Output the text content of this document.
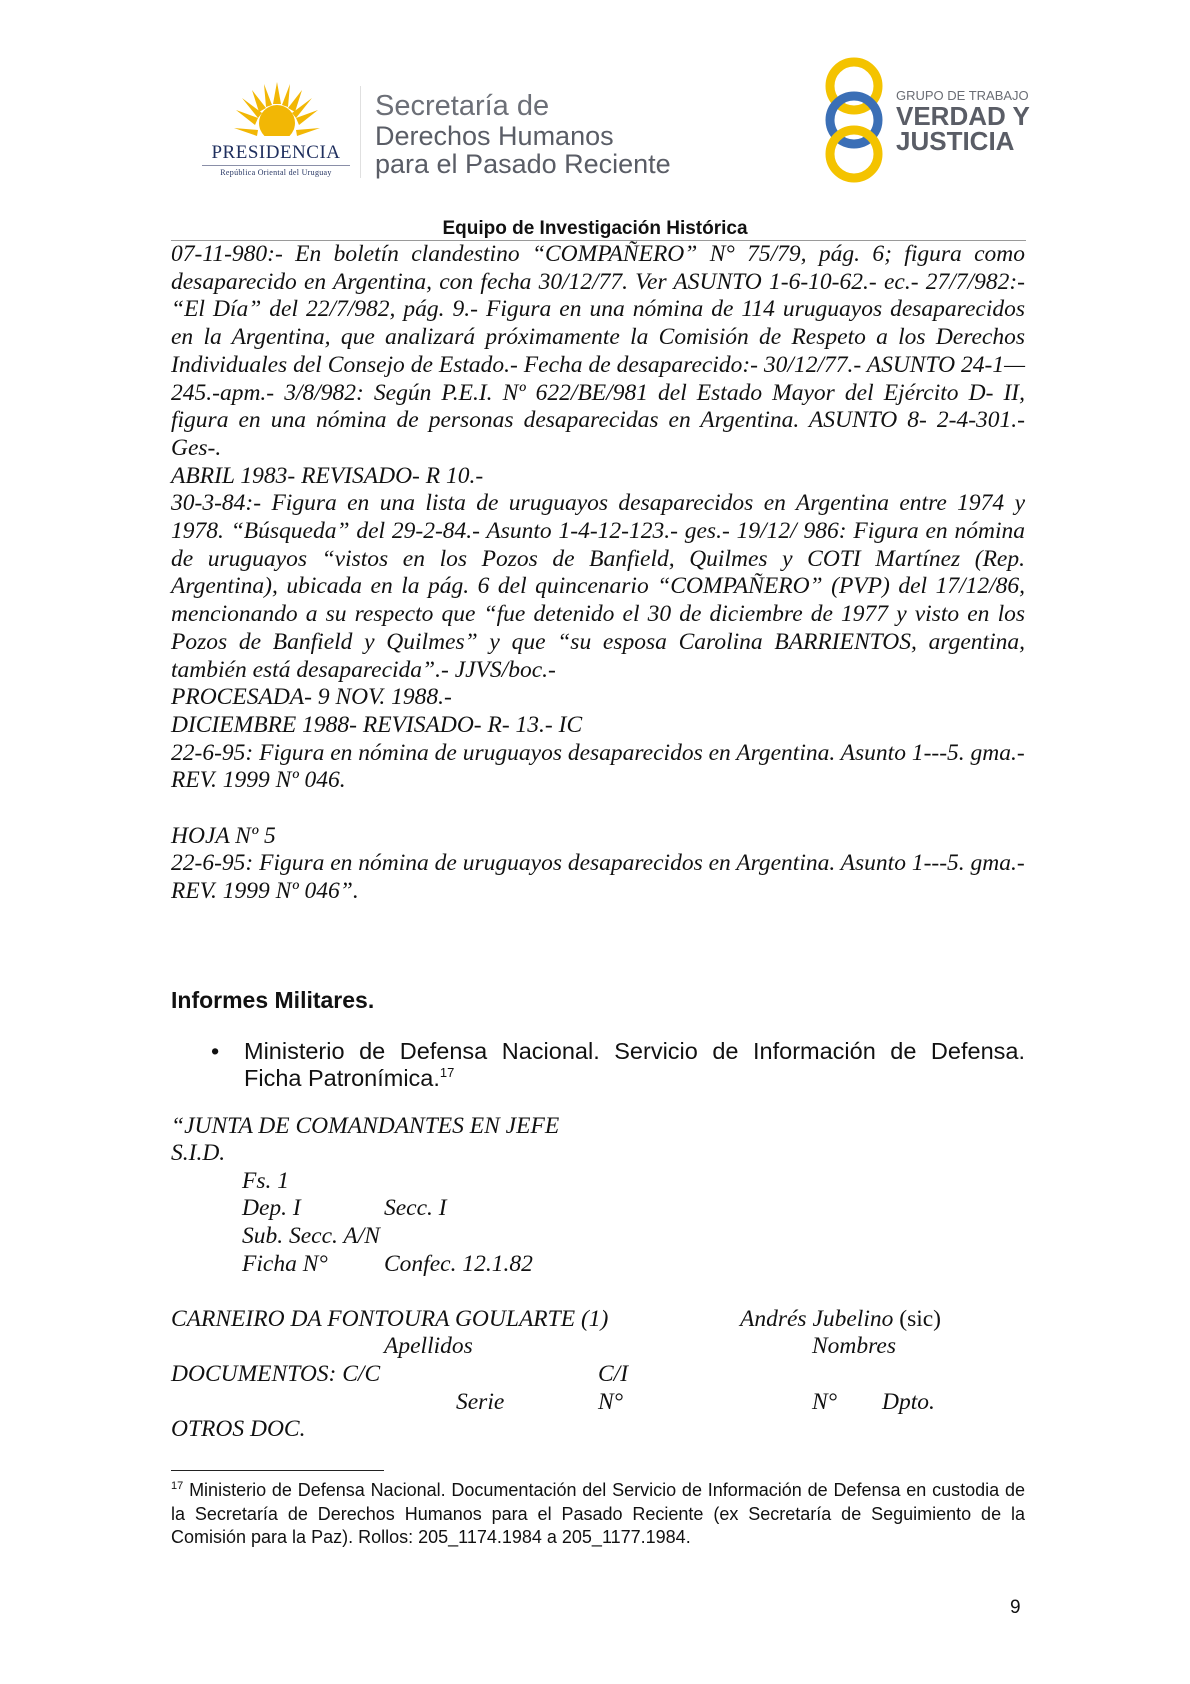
PRESIDENCIA
República Oriental del Uruguay
Secretaría de
Derechos Humanos
para el Pasado Reciente
GRUPO DE TRABAJO
VERDAD Y
JUSTICIA
Equipo de Investigación Histórica

07-11-980:- En boletín clandestino “COMPAÑERO” N° 75/79, pág. 6; figura como desaparecido en Argentina, con fecha 30/12/77. Ver ASUNTO 1-6-10-62.- ec.- 27/7/982:- “El Día” del 22/7/982, pág. 9.- Figura en una nómina de 114 uruguayos desaparecidos en la Argentina, que analizará próximamente la Comisión de Respeto a los Derechos Individuales del Consejo de Estado.- Fecha de desaparecido:- 30/12/77.- ASUNTO 24-1—245.-apm.- 3/8/982: Según P.E.I. Nº 622/BE/981 del Estado Mayor del Ejército D- II, figura en una nómina de personas desaparecidas en Argentina. ASUNTO 8- 2-4-301.-Ges-.

ABRIL 1983- REVISADO- R 10.-

30-3-84:- Figura en una lista de uruguayos desaparecidos en Argentina entre 1974 y 1978. “Búsqueda” del 29-2-84.- Asunto 1-4-12-123.- ges.- 19/12/ 986: Figura en nómina de uruguayos “vistos en los Pozos de Banfield, Quilmes y COTI Martínez (Rep. Argentina), ubicada en la pág. 6 del quincenario “COMPAÑERO” (PVP) del 17/12/86, mencionando a su respecto que “fue detenido el 30 de diciembre de 1977 y visto en los Pozos de Banfield y Quilmes” y que “su esposa Carolina BARRIENTOS, argentina, también está desaparecida”.- JJVS/boc.-

PROCESADA- 9 NOV. 1988.-

DICIEMBRE 1988- REVISADO- R- 13.- IC

22-6-95: Figura en nómina de uruguayos desaparecidos en Argentina. Asunto 1---5. gma.-

REV. 1999 Nº 046.

HOJA Nº 5

22-6-95: Figura en nómina de uruguayos desaparecidos en Argentina. Asunto 1---5. gma.-

REV. 1999 Nº 046”.

Informes Militares.
• Ministerio de Defensa Nacional. Servicio de Información de Defensa. Ficha Patronímica.$^{17}$
“JUNTA DE COMANDANTES EN JEFE
S.I.D.
Fs. 1
Dep. I	Secc. I
Sub. Secc. A/N
Ficha N° Confec. 12.1.82
CARNEIRO DA FONTOURA GOULARTE (1)	Andrés Jubelino (sic)
Apellidos	Nombres
DOCUMENTOS: C/C	C/I
Serie	N°	N° Dpto.
OTROS DOC.
$^{17}$ Ministerio de Defensa Nacional. Documentación del Servicio de Información de Defensa en custodia de la Secretaría de Derechos Humanos para el Pasado Reciente (ex Secretaría de Seguimiento de la Comisión para la Paz). Rollos: 205_1174.1984 a 205_1177.1984.
9
